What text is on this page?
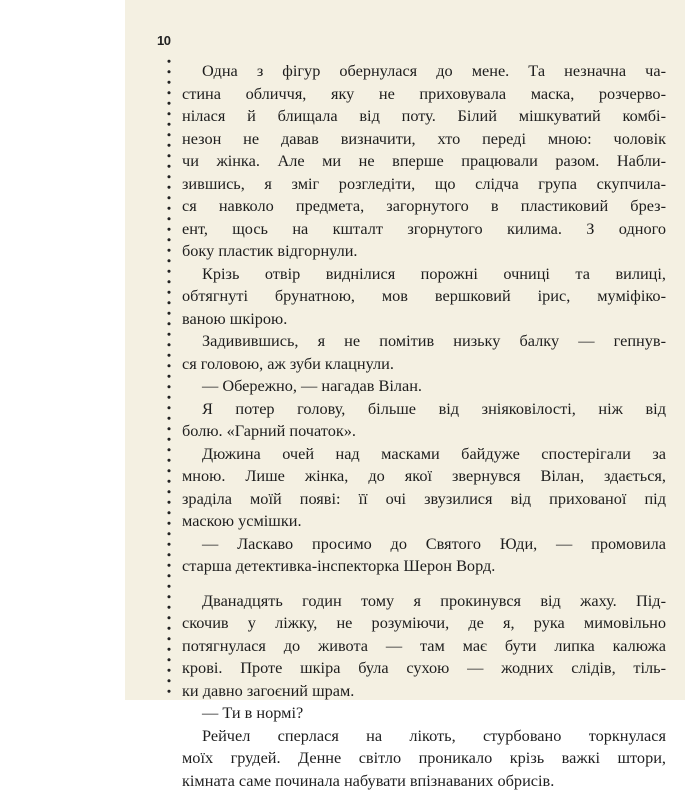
10
Одна з фігур обернулася до мене. Та незначна ча-
стина обличчя, яку не приховувала маска, розчерво-
нілася й блищала від поту. Білий мішкуватий комбі-
незон не давав визначити, хто переді мною: чоловік
чи жінка. Але ми не вперше працювали разом. Набли-
зившись, я зміг розгледіти, що слідча група скупчила-
ся навколо предмета, загорнутого в пластиковий брез-
ент, щось на кшталт згорнутого килима. З одного
боку пластик відгорнули.
Крізь отвір виднілися порожні очниці та вилиці,
обтягнуті брунатною, мов вершковий ірис, муміфіко-
ваною шкірою.
Задивившись, я не помітив низьку балку — гепнув-
ся головою, аж зуби клацнули.
— Обережно, — нагадав Вілан.
Я потер голову, більше від зніяковілості, ніж від
болю. «Гарний початок».
Дюжина очей над масками байдуже спостерігали за
мною. Лише жінка, до якої звернувся Вілан, здається,
зраділа моїй появі: її очі звузилися від прихованої під
маскою усмішки.
— Ласкаво просимо до Святого Юди, — промовила
старша детективка-інспекторка Шерон Ворд.
Дванадцять годин тому я прокинувся від жаху. Під-
скочив у ліжку, не розуміючи, де я, рука мимовільно
потягнулася до живота — там має бути липка калюжа
крові. Проте шкіра була сухою — жодних слідів, тіль-
ки давно загоєний шрам.
— Ти в нормі?
Рейчел сперлася на лікоть, стурбовано торкнулася
моїх грудей. Денне світло проникало крізь важкі штори,
кімната саме починала набувати впізнаваних обрисів.
